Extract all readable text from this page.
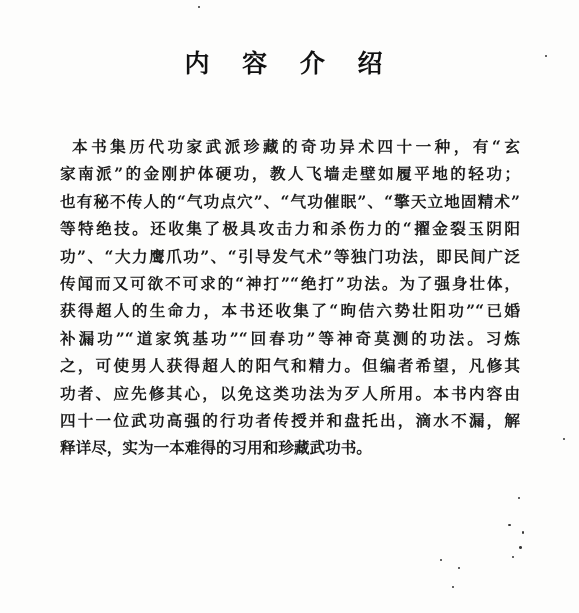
内 容 介 绍
本书集历代功家武派珍藏的奇功异术四十一种，有“玄
家南派”的金刚护体硬功，教人飞墙走壁如履平地的轻功；
也有秘不传人的“气功点穴”、“气功催眠”、“擎天立地固精术”
等特绝技。还收集了极具攻击力和杀伤力的“擢金裂玉阴阳
功”、“大力鹰爪功”、“引导发气术”等独门功法，即民间广泛
传闻而又可欲不可求的“神打”“绝打”功法。为了强身壮体，
获得超人的生命力，本书还收集了“昫佶六势壮阳功”“已婚
补漏功”“道家筑基功”“回春功”等神奇莫测的功法。习炼
之，可使男人获得超人的阳气和精力。但编者希望，凡修其
功者、应先修其心，以免这类功法为歹人所用。本书内容由
四十一位武功高强的行功者传授并和盘托出，滴水不漏，解
释详尽，实为一本难得的习用和珍藏武功书。
